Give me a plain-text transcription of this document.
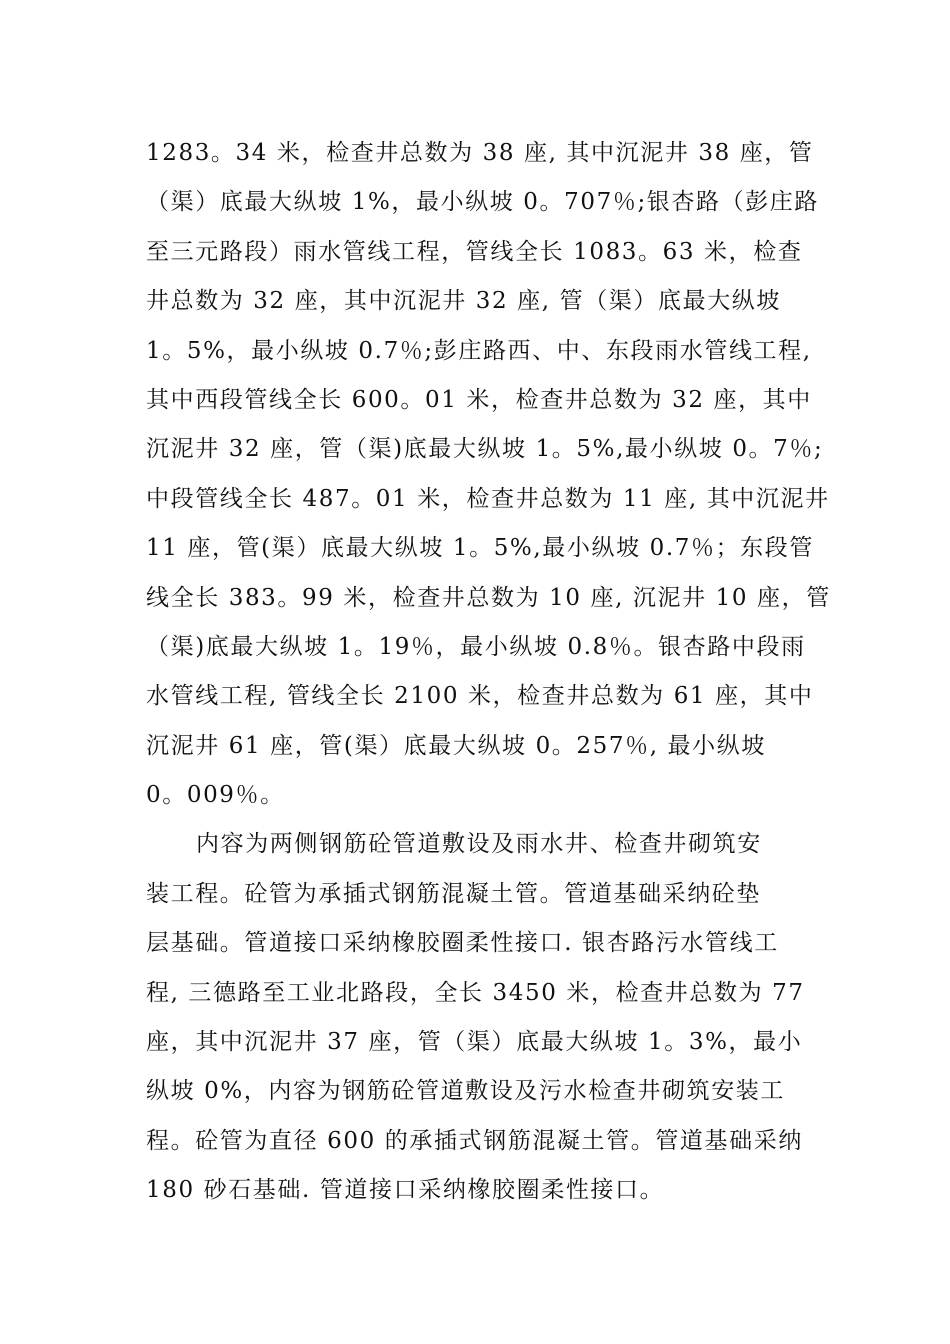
1283。34 米，检查井总数为 38 座, 其中沉泥井 38 座，管
（渠）底最大纵坡 1%，最小纵坡 0。707％;银杏路（彭庄路
至三元路段）雨水管线工程，管线全长 1083。63 米，检查
井总数为 32 座，其中沉泥井 32 座, 管（渠）底最大纵坡
1。5%，最小纵坡 0.7％;彭庄路西、中、东段雨水管线工程,
其中西段管线全长 600。01 米，检查井总数为 32 座，其中
沉泥井 32 座，管（渠)底最大纵坡 1。5%,最小纵坡 0。7％;
中段管线全长 487。01 米，检查井总数为 11 座, 其中沉泥井
11 座，管(渠）底最大纵坡 1。5%,最小纵坡 0.7％；东段管
线全长 383。99 米，检查井总数为 10 座, 沉泥井 10 座，管
（渠)底最大纵坡 1。19％，最小纵坡 0.8％。银杏路中段雨
水管线工程, 管线全长 2100 米，检查井总数为 61 座，其中
沉泥井 61 座，管(渠）底最大纵坡 0。257％, 最小纵坡
0。009％。
内容为两侧钢筋砼管道敷设及雨水井、检查井砌筑安
装工程。砼管为承插式钢筋混凝土管。管道基础采纳砼垫
层基础。管道接口采纳橡胶圈柔性接口. 银杏路污水管线工
程, 三德路至工业北路段，全长 3450 米，检查井总数为 77
座，其中沉泥井 37 座，管（渠）底最大纵坡 1。3%，最小
纵坡 0%，内容为钢筋砼管道敷设及污水检查井砌筑安装工
程。砼管为直径 600 的承插式钢筋混凝土管。管道基础采纳
180 砂石基础. 管道接口采纳橡胶圈柔性接口。
